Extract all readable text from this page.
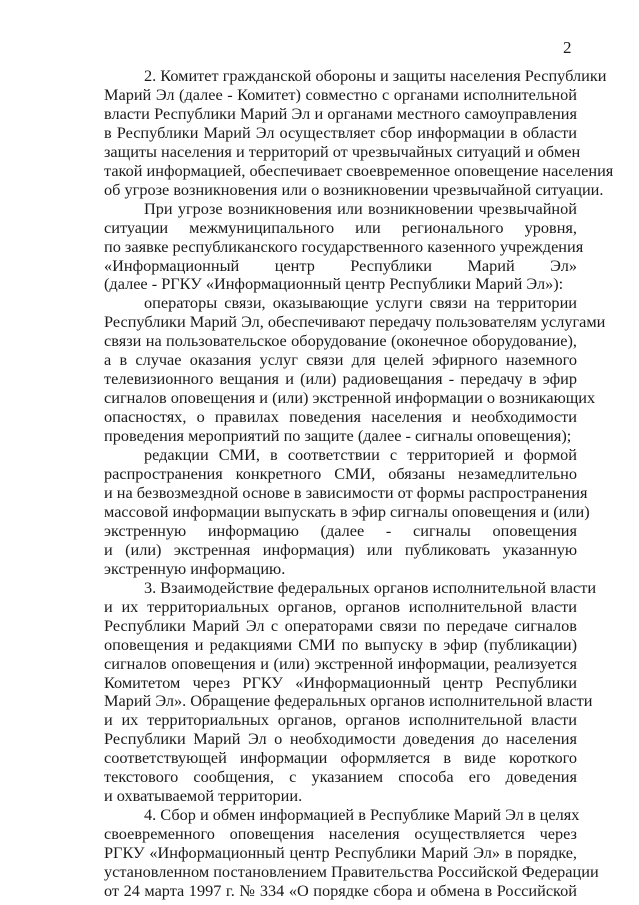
2

2. Комитет гражданской обороны и защиты населения Республики
Марий Эл (далее - Комитет) совместно с органами исполнительной
власти Республики Марий Эл и органами местного самоуправления
в Республики Марий Эл осуществляет сбор информации в области
защиты населения и территорий от чрезвычайных ситуаций и обмен
такой информацией, обеспечивает своевременное оповещение населения
об угрозе возникновения или о возникновении чрезвычайной ситуации.

При угрозе возникновения или возникновении чрезвычайной
ситуации межмуниципального или регионального уровня,
по заявке республиканского государственного казенного учреждения
«Информационный центр Республики Марий Эл»
(далее - РГКУ «Информационный центр Республики Марий Эл»):

операторы связи, оказывающие услуги связи на территории
Республики Марий Эл, обеспечивают передачу пользователям услугами
связи на пользовательское оборудование (оконечное оборудование),
а в случае оказания услуг связи для целей эфирного наземного
телевизионного вещания и (или) радиовещания - передачу в эфир
сигналов оповещения и (или) экстренной информации о возникающих
опасностях, о правилах поведения населения и необходимости
проведения мероприятий по защите (далее - сигналы оповещения);

редакции СМИ, в соответствии с территорией и формой
распространения конкретного СМИ, обязаны незамедлительно
и на безвозмездной основе в зависимости от формы распространения
массовой информации выпускать в эфир сигналы оповещения и (или)
экстренную информацию (далее - сигналы оповещения
и (или) экстренная информация) или публиковать указанную
экстренную информацию.

3. Взаимодействие федеральных органов исполнительной власти
и их территориальных органов, органов исполнительной власти
Республики Марий Эл с операторами связи по передаче сигналов
оповещения и редакциями СМИ по выпуску в эфир (публикации)
сигналов оповещения и (или) экстренной информации, реализуется
Комитетом через РГКУ «Информационный центр Республики
Марий Эл». Обращение федеральных органов исполнительной власти
и их территориальных органов, органов исполнительной власти
Республики Марий Эл о необходимости доведения до населения
соответствующей информации оформляется в виде короткого
текстового сообщения, с указанием способа его доведения
и охватываемой территории.

4. Сбор и обмен информацией в Республике Марий Эл в целях
своевременного оповещения населения осуществляется через
РГКУ «Информационный центр Республики Марий Эл» в порядке,
установленном постановлением Правительства Российской Федерации
от 24 марта 1997 г. № 334 «О порядке сбора и обмена в Российской
